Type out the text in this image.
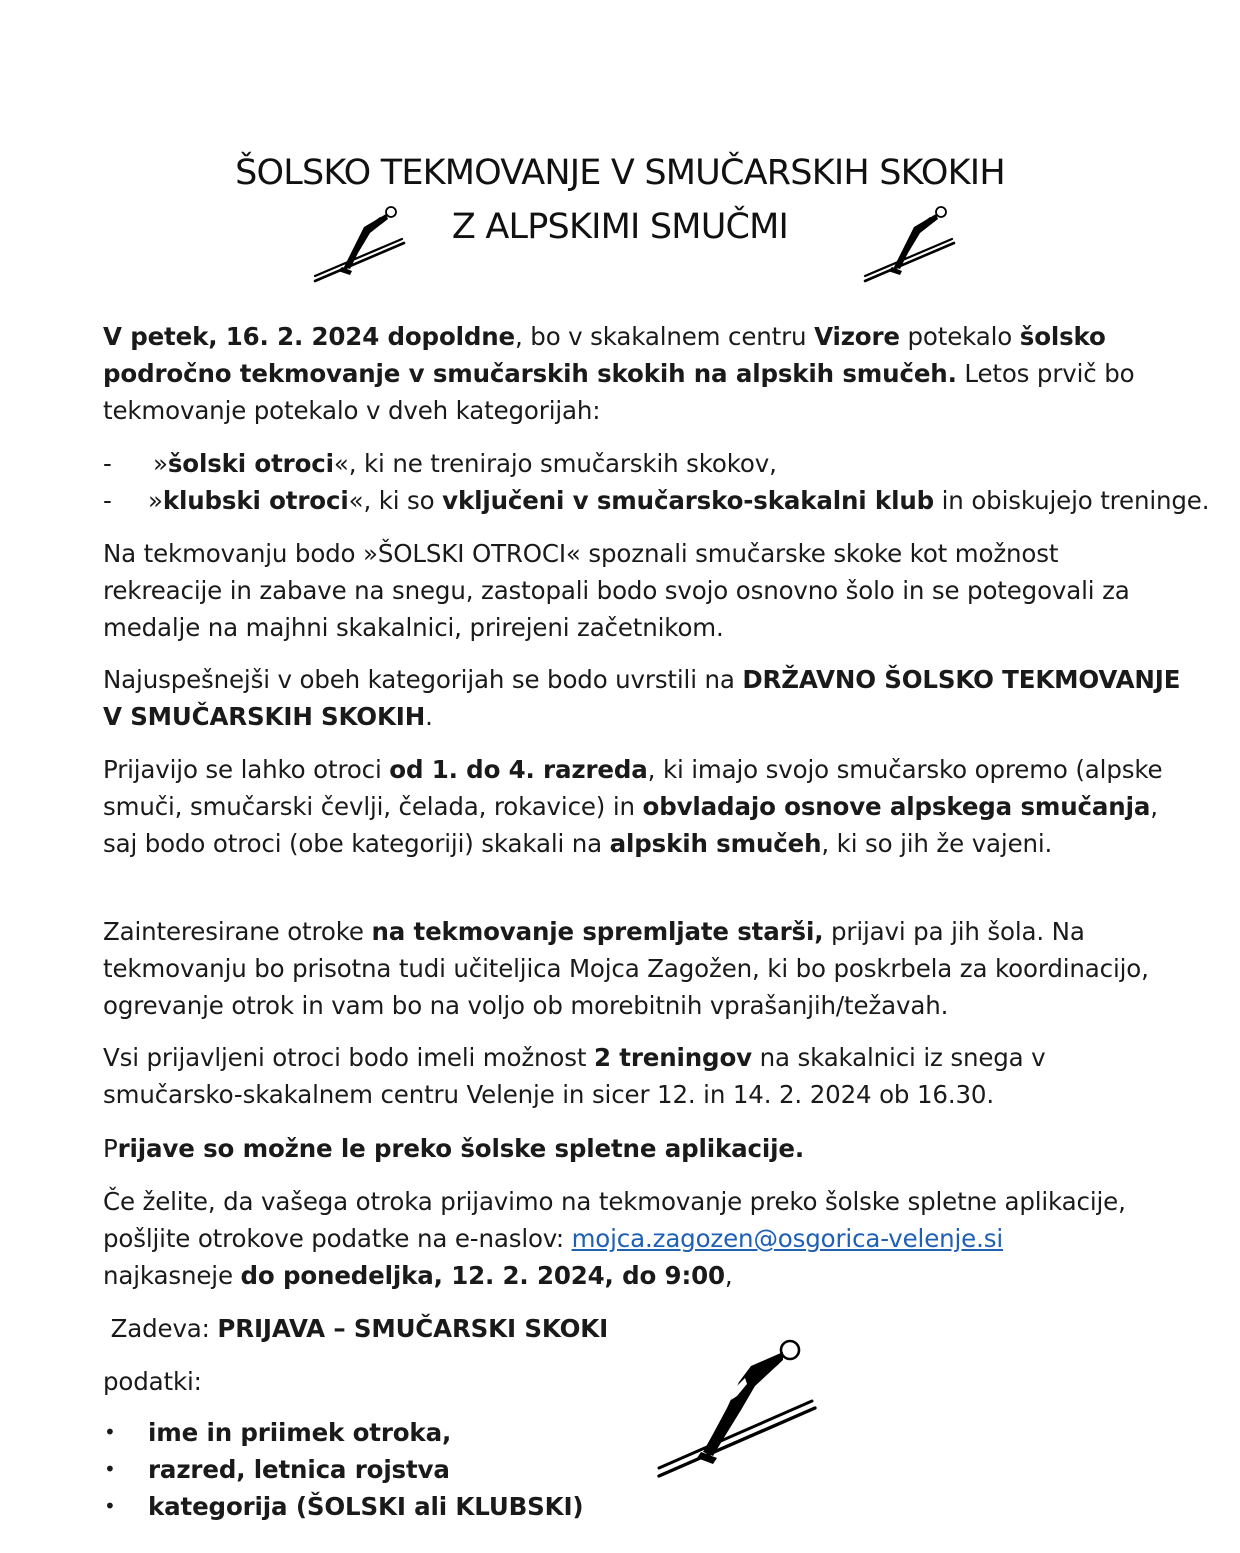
ŠOLSKO TEKMOVANJE V SMUČARSKIH SKOKIH
Z ALPSKIMI SMUČMI

V petek, 16. 2. 2024 dopoldne, bo v skakalnem centru Vizore potekalo šolsko področno tekmovanje v smučarskih skokih na alpskih smučeh. Letos prvič bo tekmovanje potekalo v dveh kategorijah:

- »šolski otroci«, ki ne trenirajo smučarskih skokov,
- »klubski otroci«, ki so vključeni v smučarsko-skakalni klub in obiskujejo treninge.

Na tekmovanju bodo »ŠOLSKI OTROCI« spoznali smučarske skoke kot možnost rekreacije in zabave na snegu, zastopali bodo svojo osnovno šolo in se potegovali za medalje na majhni skakalnici, prirejeni začetnikom.

Najuspešnejši v obeh kategorijah se bodo uvrstili na DRŽAVNO ŠOLSKO TEKMOVANJE V SMUČARSKIH SKOKIH.

Prijavijo se lahko otroci od 1. do 4. razreda, ki imajo svojo smučarsko opremo (alpske smuči, smučarski čevlji, čelada, rokavice) in obvladajo osnove alpskega smučanja, saj bodo otroci (obe kategoriji) skakali na alpskih smučeh, ki so jih že vajeni.

Zainteresirane otroke na tekmovanje spremljate starši, prijavi pa jih šola. Na tekmovanju bo prisotna tudi učiteljica Mojca Zagožen, ki bo poskrbela za koordinacijo, ogrevanje otrok in vam bo na voljo ob morebitnih vprašanjih/težavah.

Vsi prijavljeni otroci bodo imeli možnost 2 treningov na skakalnici iz snega v smučarsko-skakalnem centru Velenje in sicer 12. in 14. 2. 2024 ob 16.30.

Prijave so možne le preko šolske spletne aplikacije.

Če želite, da vašega otroka prijavimo na tekmovanje preko šolske spletne aplikacije, pošljite otrokove podatke na e-naslov: mojca.zagozen@osgorica-velenje.si
najkasneje do ponedeljka, 12. 2. 2024, do 9:00,

Zadeva: PRIJAVA – SMUČARSKI SKOKI

podatki:

• ime in priimek otroka,
• razred, letnica rojstva
• kategorija (ŠOLSKI ali KLUBSKI)
